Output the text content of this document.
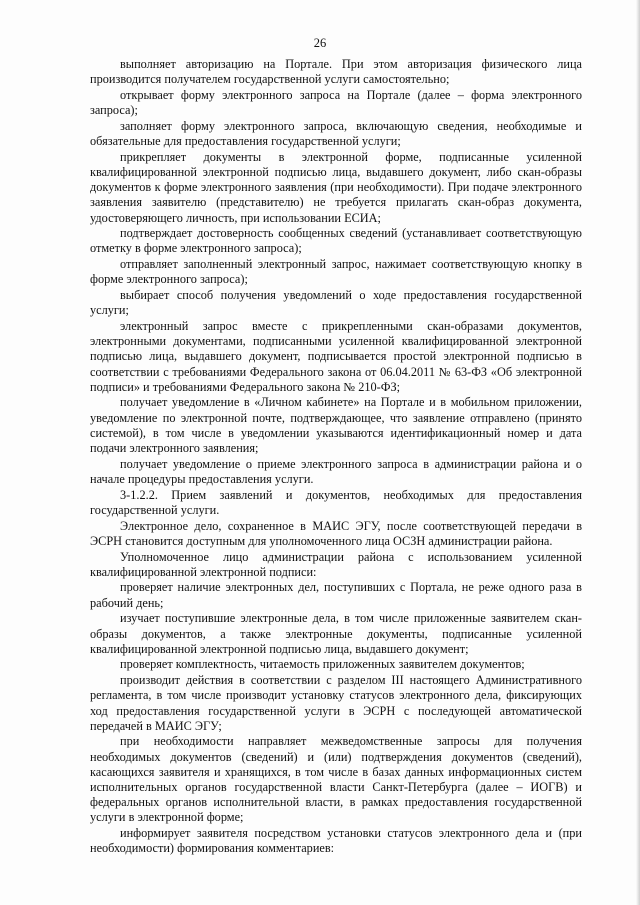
26

выполняет авторизацию на Портале. При этом авторизация физического лица производится получателем государственной услуги самостоятельно;

открывает форму электронного запроса на Портале (далее – форма электронного запроса);

заполняет форму электронного запроса, включающую сведения, необходимые и обязательные для предоставления государственной услуги;

прикрепляет документы в электронной форме, подписанные усиленной квалифицированной электронной подписью лица, выдавшего документ, либо скан-образы документов к форме электронного заявления (при необходимости). При подаче электронного заявления заявителю (представителю) не требуется прилагать скан-образ документа, удостоверяющего личность, при использовании ЕСИА;

подтверждает достоверность сообщенных сведений (устанавливает соответствующую отметку в форме электронного запроса);

отправляет заполненный электронный запрос, нажимает соответствующую кнопку в форме электронного запроса);

выбирает способ получения уведомлений о ходе предоставления государственной услуги;

электронный запрос вместе с прикрепленными скан-образами документов, электронными документами, подписанными усиленной квалифицированной электронной подписью лица, выдавшего документ, подписывается простой электронной подписью в соответствии с требованиями Федерального закона от 06.04.2011 № 63-ФЗ «Об электронной подписи» и требованиями Федерального закона № 210-ФЗ;

получает уведомление в «Личном кабинете» на Портале и в мобильном приложении, уведомление по электронной почте, подтверждающее, что заявление отправлено (принято системой), в том числе в уведомлении указываются идентификационный номер и дата подачи электронного заявления;

получает уведомление о приеме электронного запроса в администрации района и о начале процедуры предоставления услуги.

3-1.2.2. Прием заявлений и документов, необходимых для предоставления государственной услуги.

Электронное дело, сохраненное в МАИС ЭГУ, после соответствующей передачи в ЭСРН становится доступным для уполномоченного лица ОСЗН администрации района.

Уполномоченное лицо администрации района с использованием усиленной квалифицированной электронной подписи:

проверяет наличие электронных дел, поступивших с Портала, не реже одного раза в рабочий день;

изучает поступившие электронные дела, в том числе приложенные заявителем скан-образы документов, а также электронные документы, подписанные усиленной квалифицированной электронной подписью лица, выдавшего документ;

проверяет комплектность, читаемость приложенных заявителем документов;

производит действия в соответствии с разделом III настоящего Административного регламента, в том числе производит установку статусов электронного дела, фиксирующих ход предоставления государственной услуги в ЭСРН с последующей автоматической передачей в МАИС ЭГУ;

при необходимости направляет межведомственные запросы для получения необходимых документов (сведений) и (или) подтверждения документов (сведений), касающихся заявителя и хранящихся, в том числе в базах данных информационных систем исполнительных органов государственной власти Санкт-Петербурга (далее – ИОГВ) и федеральных органов исполнительной власти, в рамках предоставления государственной услуги в электронной форме;

информирует заявителя посредством установки статусов электронного дела и (при необходимости) формирования комментариев:
